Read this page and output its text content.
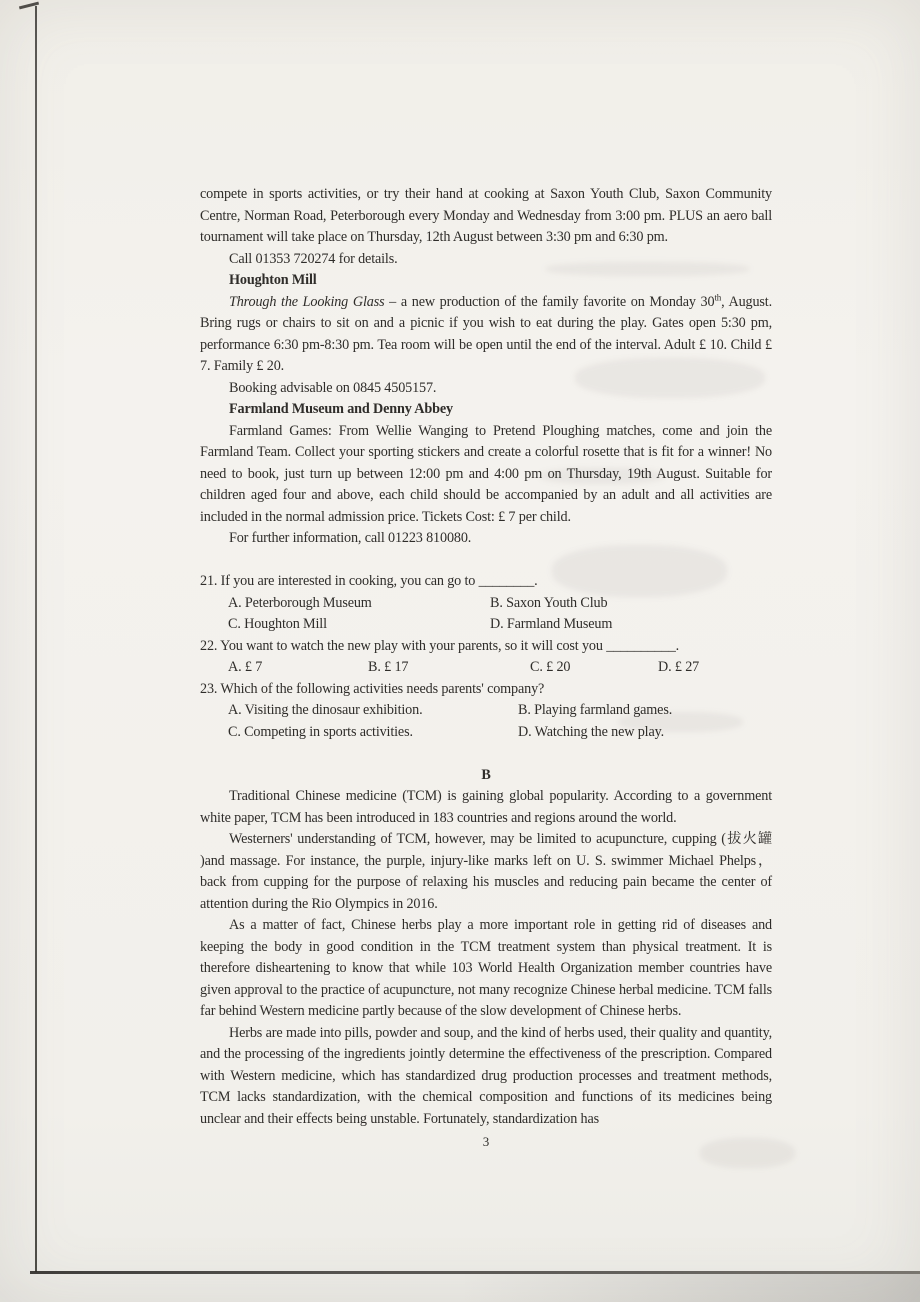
compete in sports activities, or try their hand at cooking at Saxon Youth Club, Saxon Community Centre, Norman Road, Peterborough every Monday and Wednesday from 3:00 pm. PLUS an aero ball tournament will take place on Thursday, 12th August between 3:30 pm and 6:30 pm.

Call 01353 720274 for details.

Houghton Mill

Through the Looking Glass – a new production of the family favorite on Monday 30th, August. Bring rugs or chairs to sit on and a picnic if you wish to eat during the play. Gates open 5:30 pm, performance 6:30 pm-8:30 pm. Tea room will be open until the end of the interval. Adult £ 10. Child £ 7. Family £ 20.

Booking advisable on 0845 4505157.

Farmland Museum and Denny Abbey

Farmland Games: From Wellie Wanging to Pretend Ploughing matches, come and join the Farmland Team. Collect your sporting stickers and create a colorful rosette that is fit for a winner! No need to book, just turn up between 12:00 pm and 4:00 pm on Thursday, 19th August. Suitable for children aged four and above, each child should be accompanied by an adult and all activities are included in the normal admission price. Tickets Cost: £ 7 per child.

For further information, call 01223 810080.

21. If you are interested in cooking, you can go to ________.

A. Peterborough Museum	B. Saxon Youth Club
C. Houghton Mill	D. Farmland Museum

22. You want to watch the new play with your parents, so it will cost you __________.

A. £ 7	B. £ 17	C. £ 20	D. £ 27

23. Which of the following activities needs parents' company?

A. Visiting the dinosaur exhibition.	B. Playing farmland games.
C. Competing in sports activities.	D. Watching the new play.

B

Traditional Chinese medicine (TCM) is gaining global popularity. According to a government white paper, TCM has been introduced in 183 countries and regions around the world.

Westerners' understanding of TCM, however, may be limited to acupuncture, cupping (拔火罐 )and massage. For instance, the purple, injury-like marks left on U. S. swimmer Michael Phelps， back from cupping for the purpose of relaxing his muscles and reducing pain became the center of attention during the Rio Olympics in 2016.

As a matter of fact, Chinese herbs play a more important role in getting rid of diseases and keeping the body in good condition in the TCM treatment system than physical treatment. It is therefore disheartening to know that while 103 World Health Organization member countries have given approval to the practice of acupuncture, not many recognize Chinese herbal medicine. TCM falls far behind Western medicine partly because of the slow development of Chinese herbs.

Herbs are made into pills, powder and soup, and the kind of herbs used, their quality and quantity, and the processing of the ingredients jointly determine the effectiveness of the prescription. Compared with Western medicine, which has standardized drug production processes and treatment methods, TCM lacks standardization, with the chemical composition and functions of its medicines being unclear and their effects being unstable. Fortunately, standardization has

3
